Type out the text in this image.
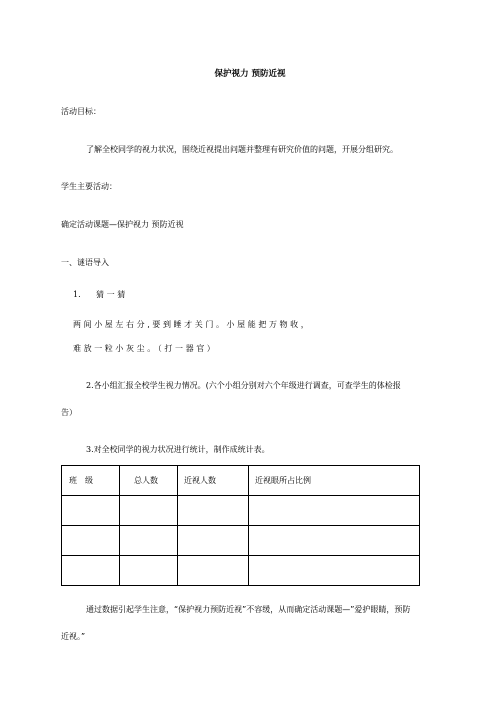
保护视力 预防近视
活动目标：
了解全校同学的视力状况，围绕近视提出问题并整理有研究价值的问题，开展分组研究。
学生主要活动：
确定活动课题—保护视力 预防近视
一、谜语导入
1. 猜一猜
两间小屋左右分,要到睡才关门。小屋能把万物收，
难放一粒小灰尘。（打一器官）
2.各小组汇报全校学生视力情况。(六个小组分别对六个年级进行调查，可查学生的体检报
告）
3.对全校同学的视力状况进行统计，制作成统计表。
班　级	总人数	近视人数	近视眼所占比例

通过数据引起学生注意，“保护视力预防近视”不容缓，从而确定活动课题—”爱护眼睛，预防
近视。”
